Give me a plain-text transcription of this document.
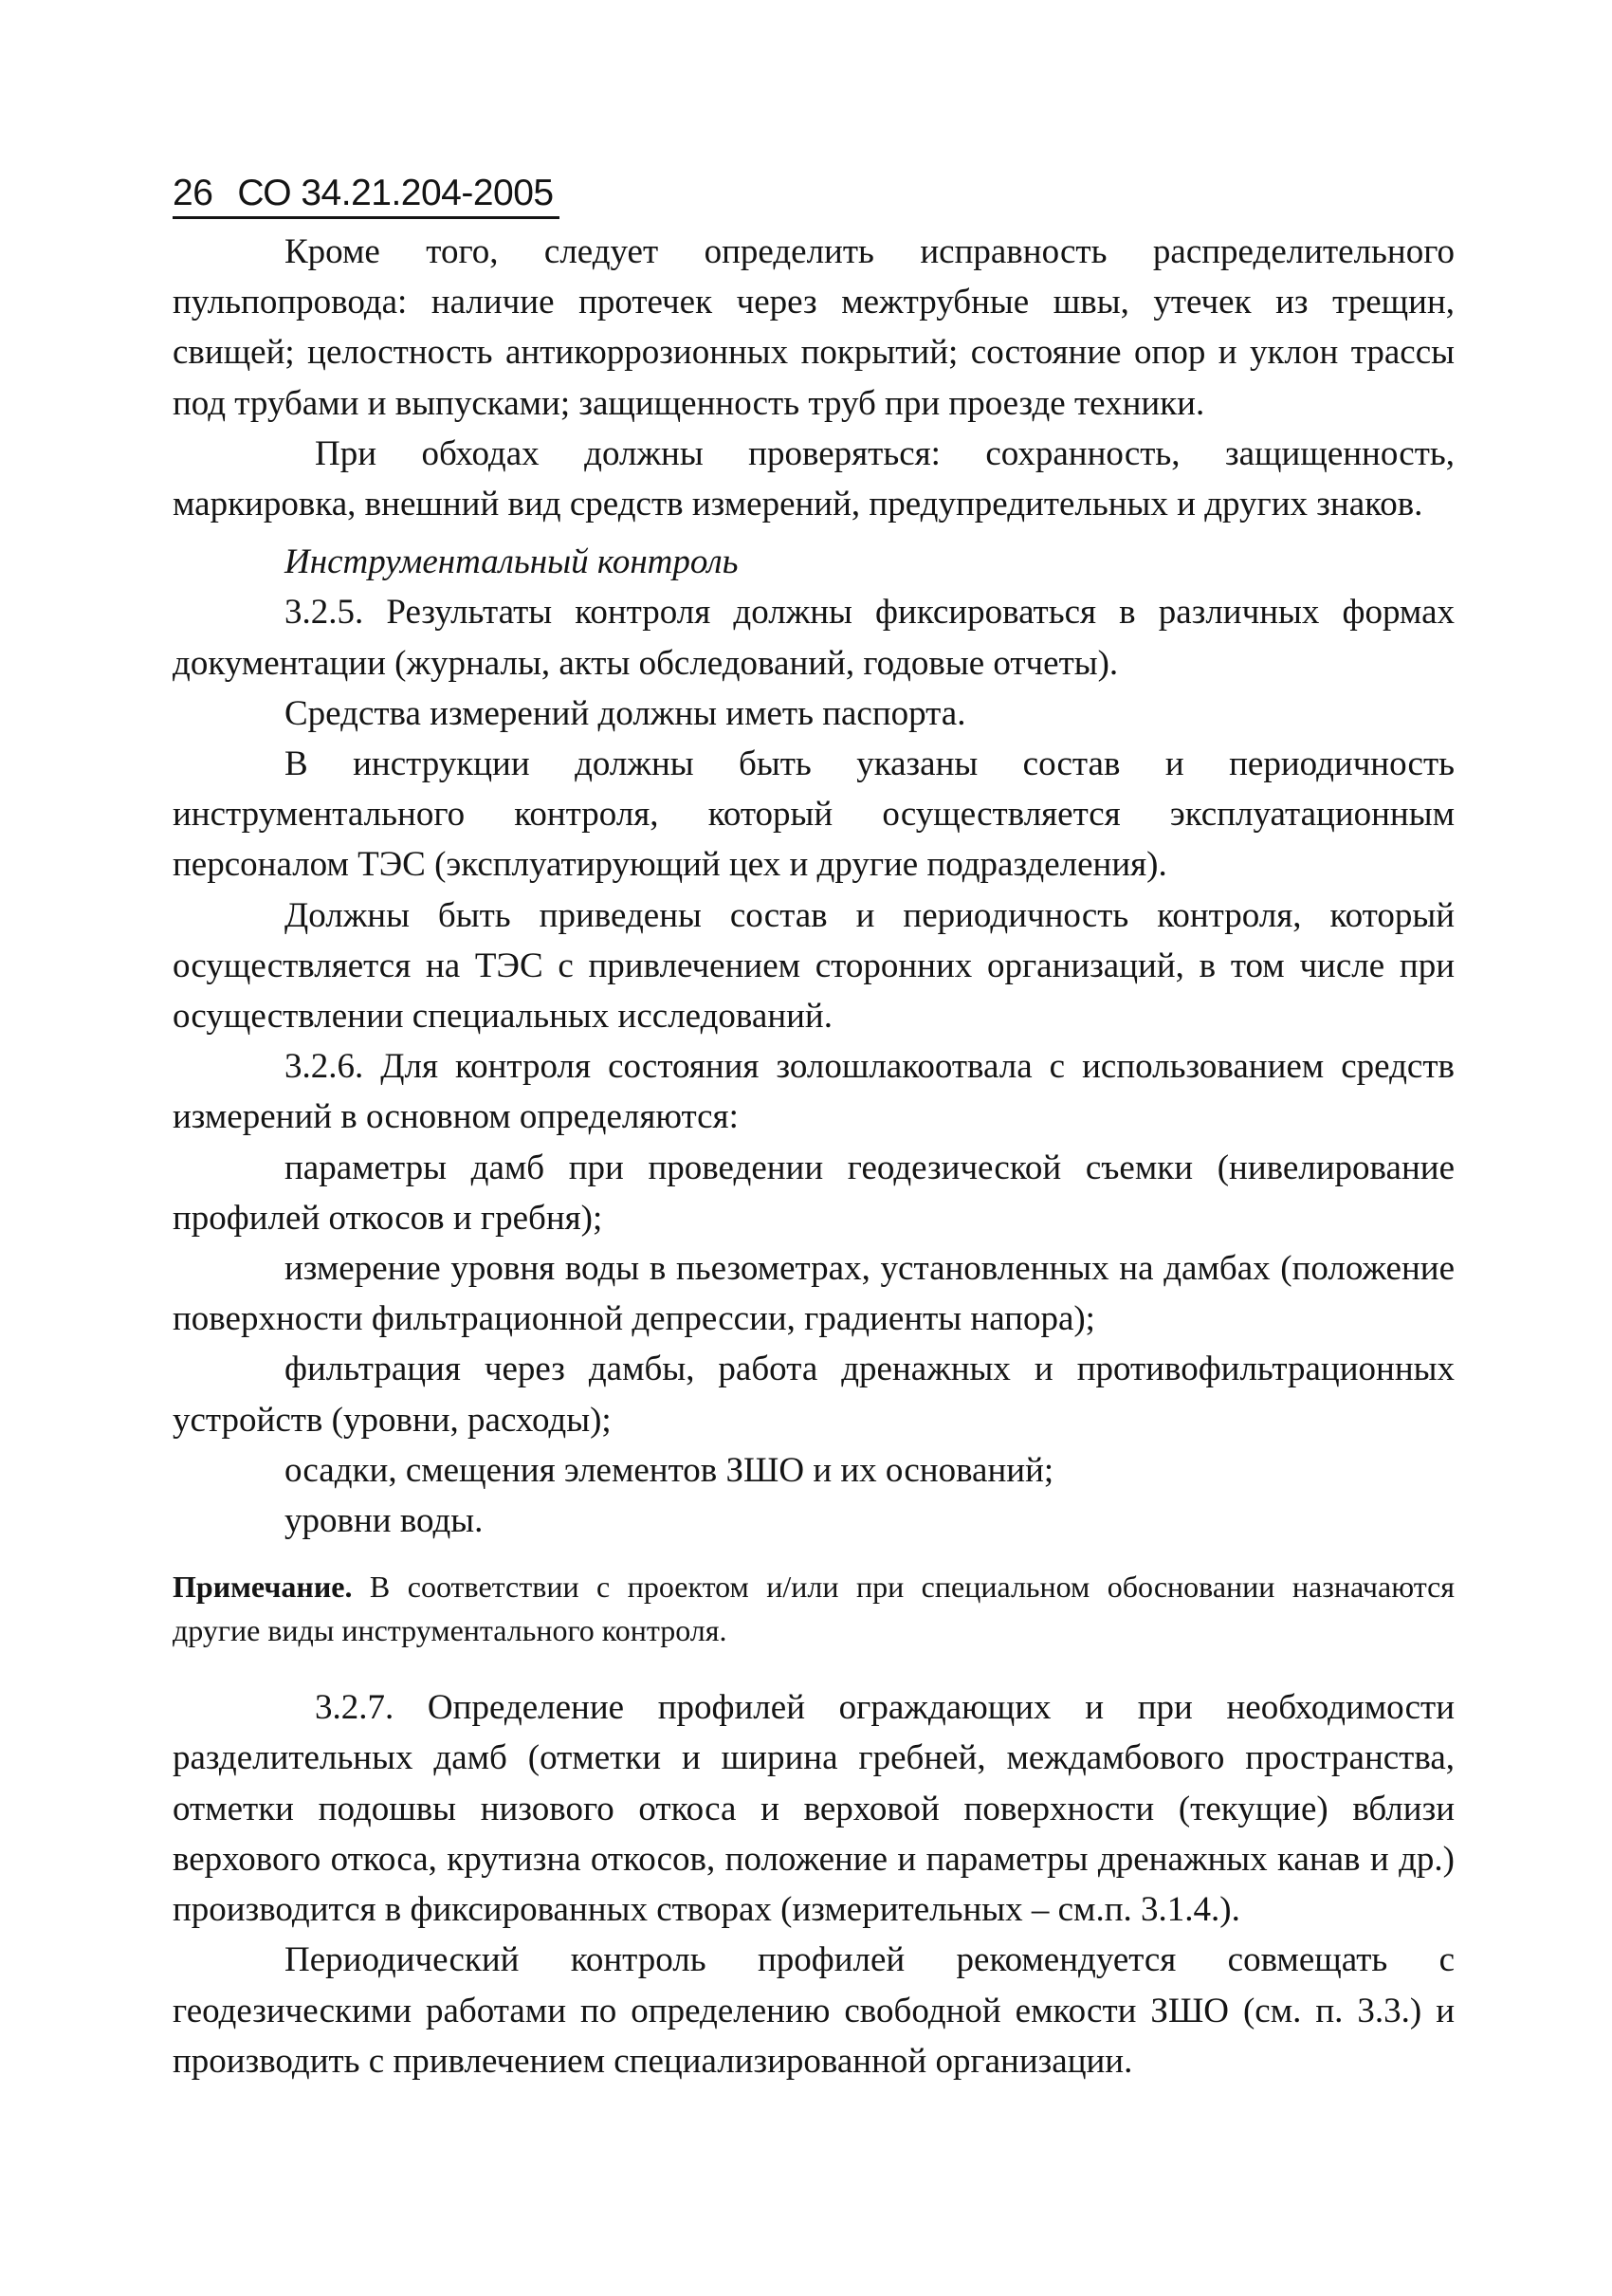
26 СО 34.21.204-2005

Кроме того, следует определить исправность распределительного пульпопровода: наличие протечек через межтрубные швы, утечек из трещин, свищей; целостность антикоррозионных покрытий; состояние опор и уклон трассы под трубами и выпусками; защищенность труб при проезде техники.

При обходах должны проверяться: сохранность, защищенность, маркировка, внешний вид средств измерений, предупредительных и других знаков.

Инструментальный контроль

3.2.5. Результаты контроля должны фиксироваться в различных формах документации (журналы, акты обследований, годовые отчеты).

Средства измерений должны иметь паспорта.

В инструкции должны быть указаны состав и периодичность инструментального контроля, который осуществляется эксплуатационным персоналом ТЭС (эксплуатирующий цех и другие подразделения).

Должны быть приведены состав и периодичность контроля, который осуществляется на ТЭС с привлечением сторонних организаций, в том числе при осуществлении специальных исследований.

3.2.6. Для контроля состояния золошлакоотвала с использованием средств измерений в основном определяются:

параметры дамб при проведении геодезической съемки (нивелирование профилей откосов и гребня);

измерение уровня воды в пьезометрах, установленных на дамбах (положение поверхности фильтрационной депрессии, градиенты напора);

фильтрация через дамбы, работа дренажных и противофильтрационных устройств (уровни, расходы);

осадки, смещения элементов ЗШО и их оснований;

уровни воды.

Примечание. В соответствии с проектом и/или при специальном обосновании назначаются другие виды инструментального контроля.

3.2.7. Определение профилей ограждающих и при необходимости разделительных дамб (отметки и ширина гребней, междамбового пространства, отметки подошвы низового откоса и верховой поверхности (текущие) вблизи верхового откоса, крутизна откосов, положение и параметры дренажных канав и др.) производится в фиксированных створах (измерительных – см.п. 3.1.4.).

Периодический контроль профилей рекомендуется совмещать с геодезическими работами по определению свободной емкости ЗШО (см. п. 3.3.) и производить с привлечением специализированной организации.
